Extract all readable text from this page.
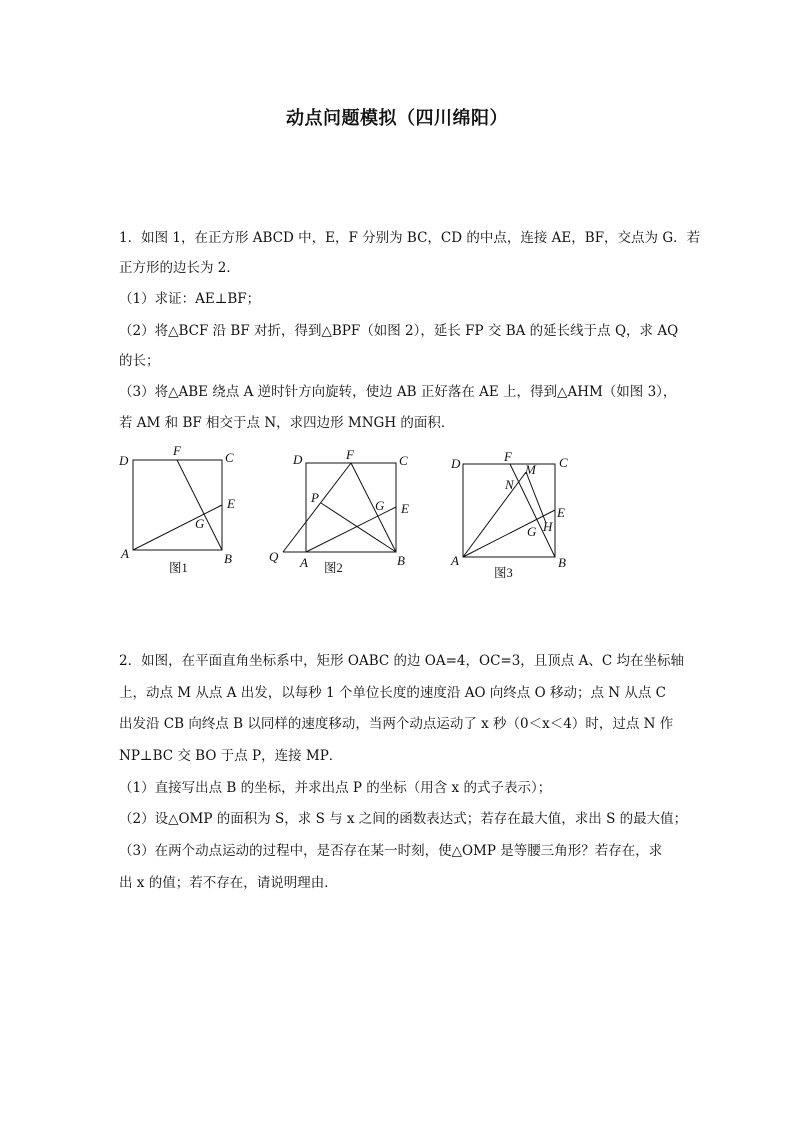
动点问题模拟（四川绵阳）
1．如图 1，在正方形 ABCD 中，E，F 分别为 BC，CD 的中点，连接 AE，BF，交点为 G．若
正方形的边长为 2．
（1）求证：AE⊥BF；
（2）将△BCF 沿 BF 对折，得到△BPF（如图 2），延长 FP 交 BA 的延长线于点 Q，求 AQ
的长；
（3）将△ABE 绕点 A 逆时针方向旋转，使边 AB 正好落在 AE 上，得到△AHM（如图 3），
若 AM 和 BF 相交于点 N，求四边形 MNGH 的面积．
D
F	C
E
G
A	B
图1
D	F	C
P
G E
Q A	B
图2
D	F
M C
N
E
H
G
A	B
图3
2．如图，在平面直角坐标系中，矩形 OABC 的边 OA=4，OC=3，且顶点 A、C 均在坐标轴
上，动点 M 从点 A 出发，以每秒 1 个单位长度的速度沿 AO 向终点 O 移动；点 N 从点 C
出发沿 CB 向终点 B 以同样的速度移动，当两个动点运动了 x 秒（0＜x＜4）时，过点 N 作
NP⊥BC 交 BO 于点 P，连接 MP．
（1）直接写出点 B 的坐标，并求出点 P 的坐标（用含 x 的式子表示）；
（2）设△OMP 的面积为 S，求 S 与 x 之间的函数表达式；若存在最大值，求出 S 的最大值；
（3）在两个动点运动的过程中，是否存在某一时刻，使△OMP 是等腰三角形？若存在，求
出 x 的值；若不存在，请说明理由．
